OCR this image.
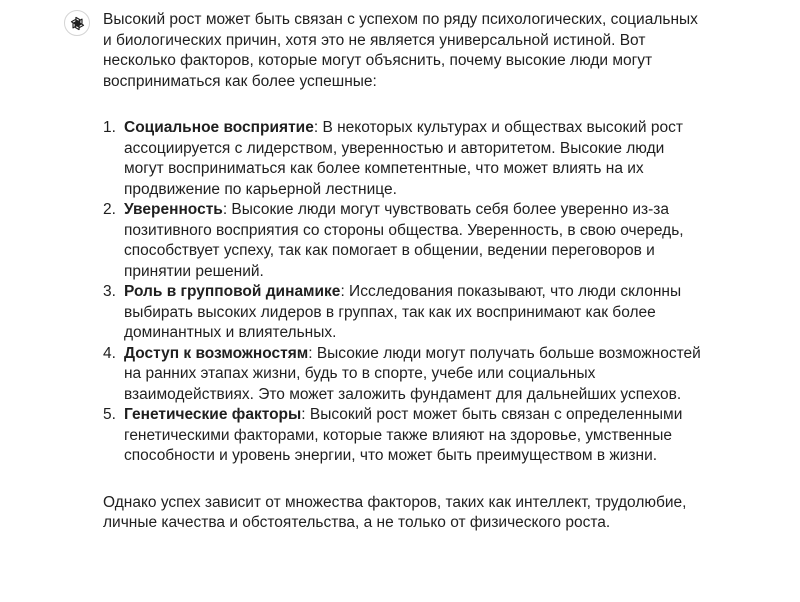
Высокий рост может быть связан с успехом по ряду психологических, социальных и биологических причин, хотя это не является универсальной истиной. Вот несколько факторов, которые могут объяснить, почему высокие люди могут восприниматься как более успешные:

1. Социальное восприятие: В некоторых культурах и обществах высокий рост ассоциируется с лидерством, уверенностью и авторитетом. Высокие люди могут восприниматься как более компетентные, что может влиять на их продвижение по карьерной лестнице.
2. Уверенность: Высокие люди могут чувствовать себя более уверенно из-за позитивного восприятия со стороны общества. Уверенность, в свою очередь, способствует успеху, так как помогает в общении, ведении переговоров и принятии решений.
3. Роль в групповой динамике: Исследования показывают, что люди склонны выбирать высоких лидеров в группах, так как их воспринимают как более доминантных и влиятельных.
4. Доступ к возможностям: Высокие люди могут получать больше возможностей на ранних этапах жизни, будь то в спорте, учебе или социальных взаимодействиях. Это может заложить фундамент для дальнейших успехов.
5. Генетические факторы: Высокий рост может быть связан с определенными генетическими факторами, которые также влияют на здоровье, умственные способности и уровень энергии, что может быть преимуществом в жизни.

Однако успех зависит от множества факторов, таких как интеллект, трудолюбие, личные качества и обстоятельства, а не только от физического роста.
